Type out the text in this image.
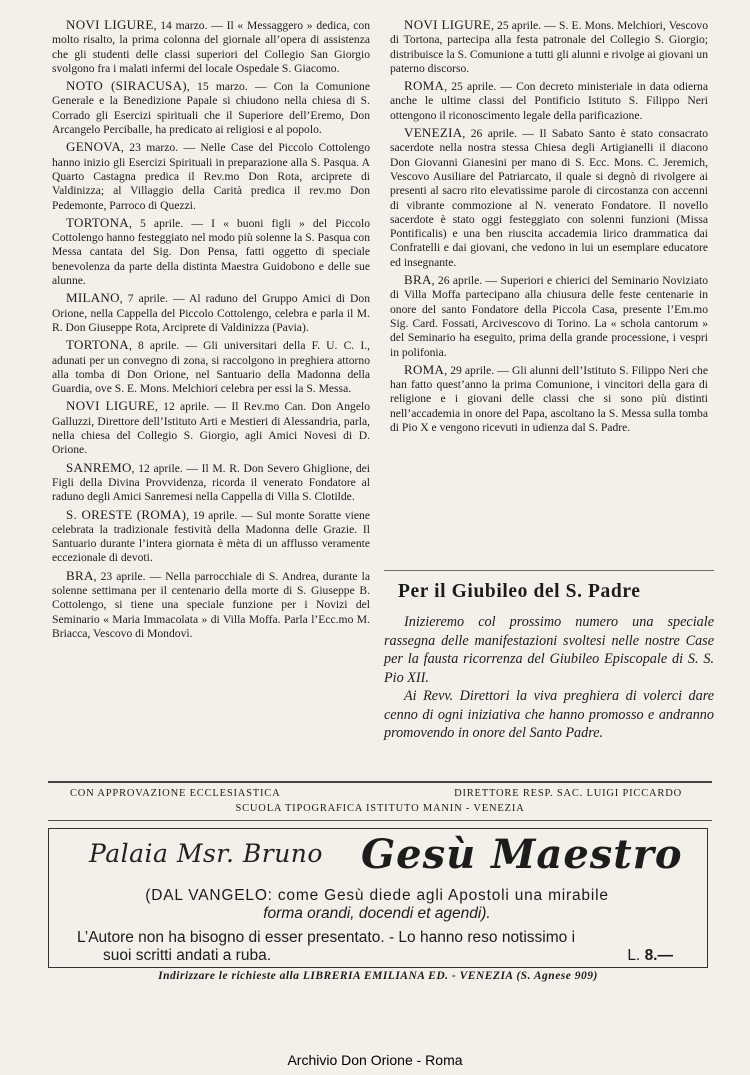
NOVI LIGURE, 14 marzo. — Il « Messaggero » dedica, con molto risalto, la prima colonna del giornale all’opera di assistenza che gli studenti delle classi superiori del Collegio San Giorgio svolgono fra i malati infermi del locale Ospedale S. Giacomo.

NOTO (SIRACUSA), 15 marzo. — Con la Comunione Generale e la Benedizione Papale si chiudono nella chiesa di S. Corrado gli Esercizi spirituali che il Superiore dell’Eremo, Don Arcangelo Perciballe, ha predicato ai religiosi e al popolo.

GENOVA, 23 marzo. — Nelle Case del Piccolo Cottolengo hanno inizio gli Esercizi Spirituali in preparazione alla S. Pasqua. A Quarto Castagna predica il Rev.mo Don Rota, arciprete di Valdinizza; al Villaggio della Carità predica il rev.mo Don Pedemonte, Parroco di Quezzi.

TORTONA, 5 aprile. — I « buoni figli » del Piccolo Cottolengo hanno festeggiato nel modo più solenne la S. Pasqua con Messa cantata del Sig. Don Pensa, fatti oggetto di speciale benevolenza da parte della distinta Maestra Guidobono e delle sue alunne.

MILANO, 7 aprile. — Al raduno del Gruppo Amici di Don Orione, nella Cappella del Piccolo Cottolengo, celebra e parla il M. R. Don Giuseppe Rota, Arciprete di Valdinizza (Pavia).

TORTONA, 8 aprile. — Gli universitari della F. U. C. I., adunati per un convegno di zona, si raccolgono in preghiera attorno alla tomba di Don Orione, nel Santuario della Madonna della Guardia, ove S. E. Mons. Melchiori celebra per essi la S. Messa.

NOVI LIGURE, 12 aprile. — Il Rev.mo Can. Don Angelo Galluzzi, Direttore dell’Istituto Arti e Mestieri di Alessandria, parla, nella chiesa del Collegio S. Giorgio, agli Amici Novesi di D. Orione.

SANREMO, 12 aprile. — Il M. R. Don Severo Ghiglione, dei Figli della Divina Provvidenza, ricorda il venerato Fondatore al raduno degli Amici Sanremesi nella Cappella di Villa S. Clotilde.

S. ORESTE (ROMA), 19 aprile. — Sul monte Soratte viene celebrata la tradizionale festività della Madonna delle Grazie. Il Santuario durante l’intera giornata è mèta di un afflusso veramente eccezionale di devoti.

BRA, 23 aprile. — Nella parrocchiale di S. Andrea, durante la solenne settimana per il centenario della morte di S. Giuseppe B. Cottolengo, si tiene una speciale funzione per i Novizi del Seminario « Maria Immacolata » di Villa Moffa. Parla l’Ecc.mo M. Briacca, Vescovo di Mondovì.

NOVI LIGURE, 25 aprile. — S. E. Mons. Melchiori, Vescovo di Tortona, partecipa alla festa patronale del Collegio S. Giorgio; distribuisce la S. Comunione a tutti gli alunni e rivolge ai giovani un paterno discorso.

ROMA, 25 aprile. — Con decreto ministeriale in data odierna anche le ultime classi del Pontificio Istituto S. Filippo Neri ottengono il riconoscimento legale della parificazione.

VENEZIA, 26 aprile. — Il Sabato Santo è stato consacrato sacerdote nella nostra stessa Chiesa degli Artigianelli il diacono Don Giovanni Gianesini per mano di S. Ecc. Mons. C. Jeremich, Vescovo Ausiliare del Patriarcato, il quale si degnò di rivolgere ai presenti al sacro rito elevatissime parole di circostanza con accenni di vibrante commozione al N. venerato Fondatore. Il novello sacerdote è stato oggi festeggiato con solenni funzioni (Missa Pontificalis) e una ben riuscita accademia lirico drammatica dai Confratelli e dai giovani, che vedono in lui un esemplare educatore ed insegnante.

BRA, 26 aprile. — Superiori e chierici del Seminario Noviziato di Villa Moffa partecipano alla chiusura delle feste centenarie in onore del santo Fondatore della Piccola Casa, presente l’Em.mo Sig. Card. Fossati, Arcivescovo di Torino. La « schola cantorum » del Seminario ha eseguito, prima della grande processione, i vespri in polifonia.

ROMA, 29 aprile. — Gli alunni dell’Istituto S. Filippo Neri che han fatto quest’anno la prima Comunione, i vincitori della gara di religione e i giovani delle classi che si sono più distinti nell’accademia in onore del Papa, ascoltano la S. Messa sulla tomba di Pio X e vengono ricevuti in udienza dal S. Padre.

Per il Giubileo del S. Padre

Inizieremo col prossimo numero una speciale rassegna delle manifestazioni svoltesi nelle nostre Case per la fausta ricorrenza del Giubileo Episcopale di S. S. Pio XII.

Ai Revv. Direttori la viva preghiera di volerci dare cenno di ogni iniziativa che hanno promosso e andranno promovendo in onore del Santo Padre.

CON APPROVAZIONE ECCLESIASTICA	DIRETTORE RESP. SAC. LUIGI PICCARDO
SCUOLA TIPOGRAFICA ISTITUTO MANIN - VENEZIA
Palaia Msr. Bruno Gesù Maestro
(DAL VANGELO: come Gesù diede agli Apostoli una mirabile
forma orandi, docendi et agendi).
L’Autore non ha bisogno di esser presentato. - Lo hanno reso notissimo i
suoi scritti andati a ruba.	L. 8.—
Indirizzare le richieste alla LIBRERIA EMILIANA ED. - VENEZIA (S. Agnese 909)
Archivio Don Orione - Roma
